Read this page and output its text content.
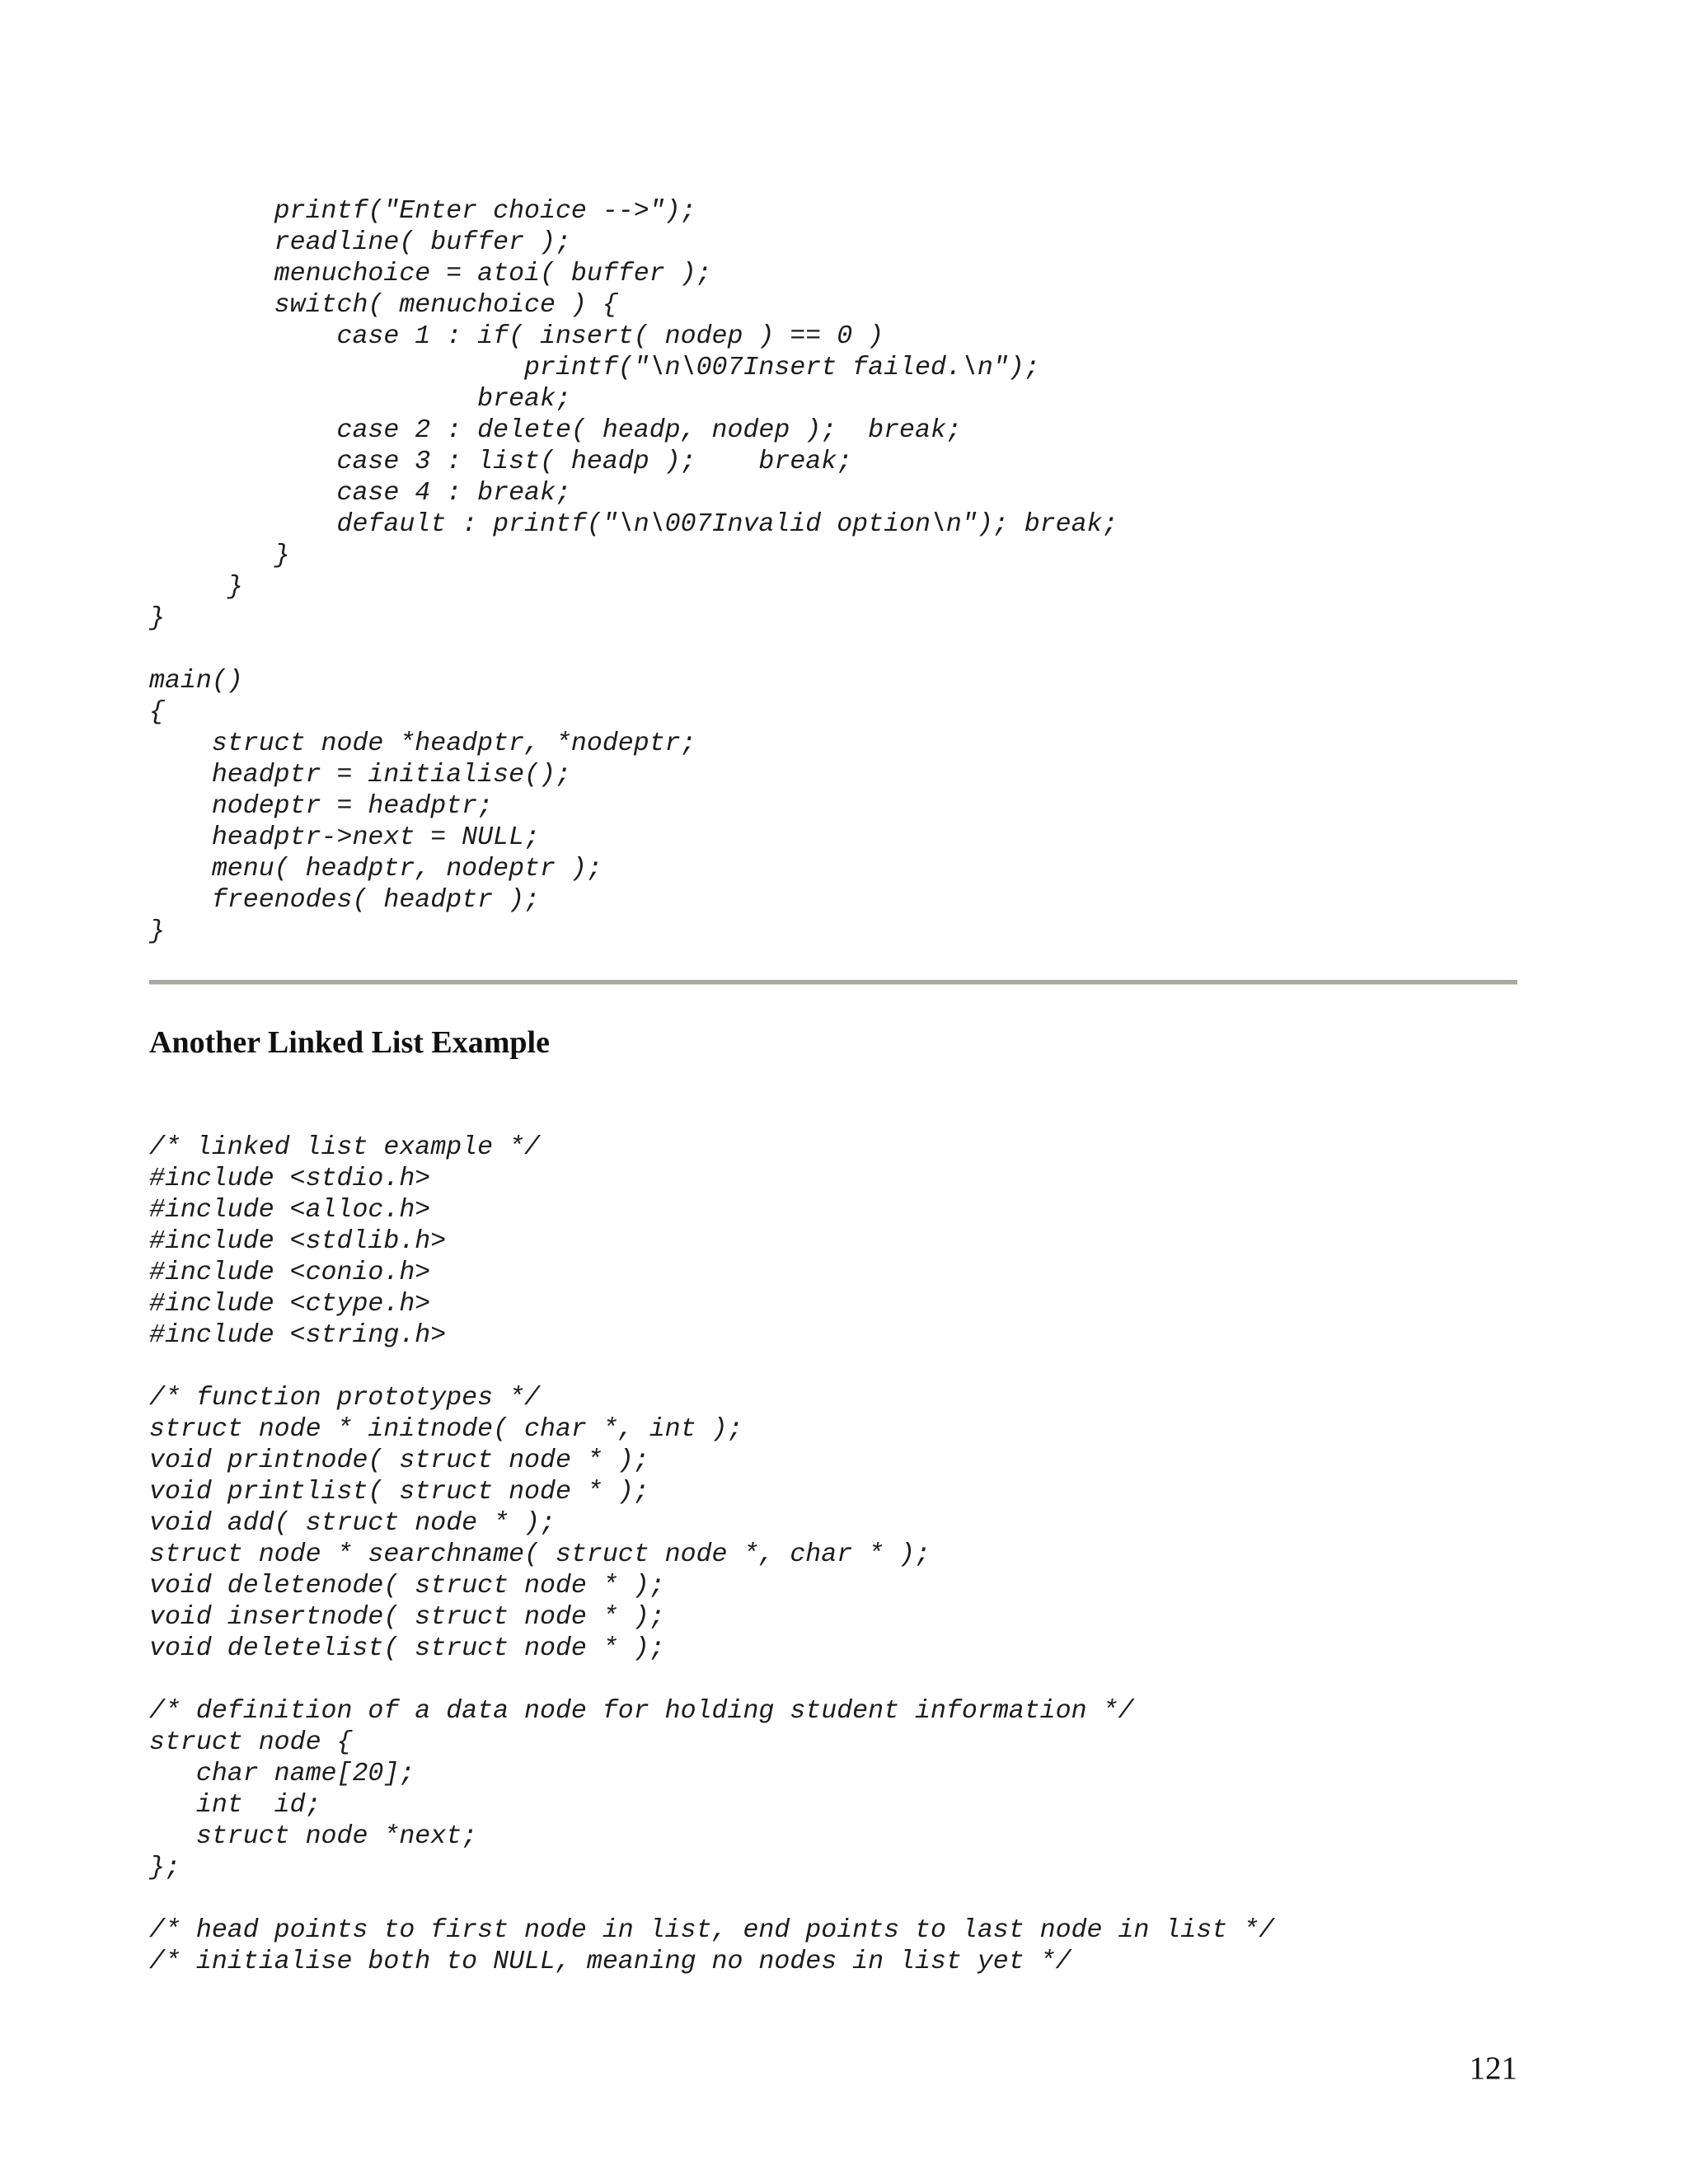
printf("Enter choice -->");
readline( buffer );
menuchoice = atoi( buffer );
switch( menuchoice ) {
case 1 : if( insert( nodep ) == 0 )
printf("\n\007Insert failed.\n");
break;
case 2 : delete( headp, nodep );  break;
case 3 : list( headp );    break;
case 4 : break;
default : printf("\n\007Invalid option\n"); break;
}
}
}

main()
{
struct node *headptr, *nodeptr;
headptr = initialise();
nodeptr = headptr;
headptr->next = NULL;
menu( headptr, nodeptr );
freenodes( headptr );
}
Another Linked List Example
/* linked list example */
#include <stdio.h>
#include <alloc.h>
#include <stdlib.h>
#include <conio.h>
#include <ctype.h>
#include <string.h>

/* function prototypes */
struct node * initnode( char *, int );
void printnode( struct node * );
void printlist( struct node * );
void add( struct node * );
struct node * searchname( struct node *, char * );
void deletenode( struct node * );
void insertnode( struct node * );
void deletelist( struct node * );

/* definition of a data node for holding student information */
struct node {
char name[20];
int  id;
struct node *next;
};

/* head points to first node in list, end points to last node in list */
/* initialise both to NULL, meaning no nodes in list yet */
121
